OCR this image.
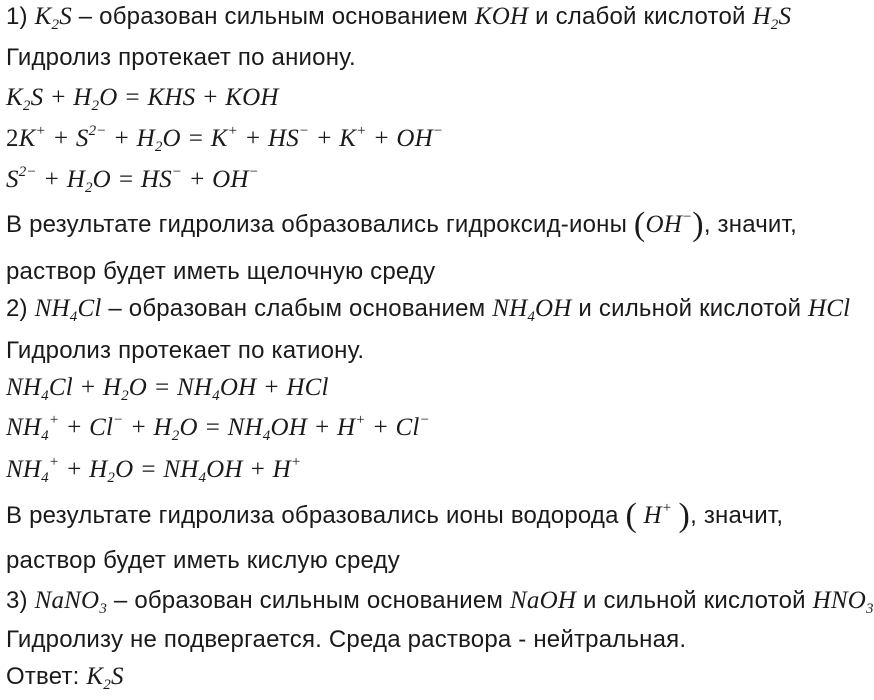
1) $K_2S$ – образован сильным основанием KOH и слабой кислотой $H_2S$
Гидролиз протекает по аниону.
$K_2S + H_2O$ = KHS + KOH
$2K^+ + S^{2-} + H_2O = K^+ + HS^- + K^+ + OH^-$
$S^{2-} + H_2O = HS^- + OH^-$
В результате гидролиза образовались гидроксид-ионы (OH−), значит,
раствор будет иметь щелочную среду
2) $NH_4Cl$ – образован слабым основанием $NH_4OH$ и сильной кислотой HCl
Гидролиз протекает по катиону.
$NH_4Cl + H_2O = NH_4OH$ + HCl
$NH_4^+ + Cl^- + H_2O = NH_4OH + H^+ + Cl^-$
$NH_4^+ + H_2O = NH_4OH + H^+$
В результате гидролиза образовались ионы водорода ( H+ ), значит,
раствор будет иметь кислую среду
3) NaNO$_3$ – образован сильным основанием NaOH и сильной кислотой $HNO_3$
Гидролизу не подвергается. Среда раствора - нейтральная.
Ответ: $K_2S$
